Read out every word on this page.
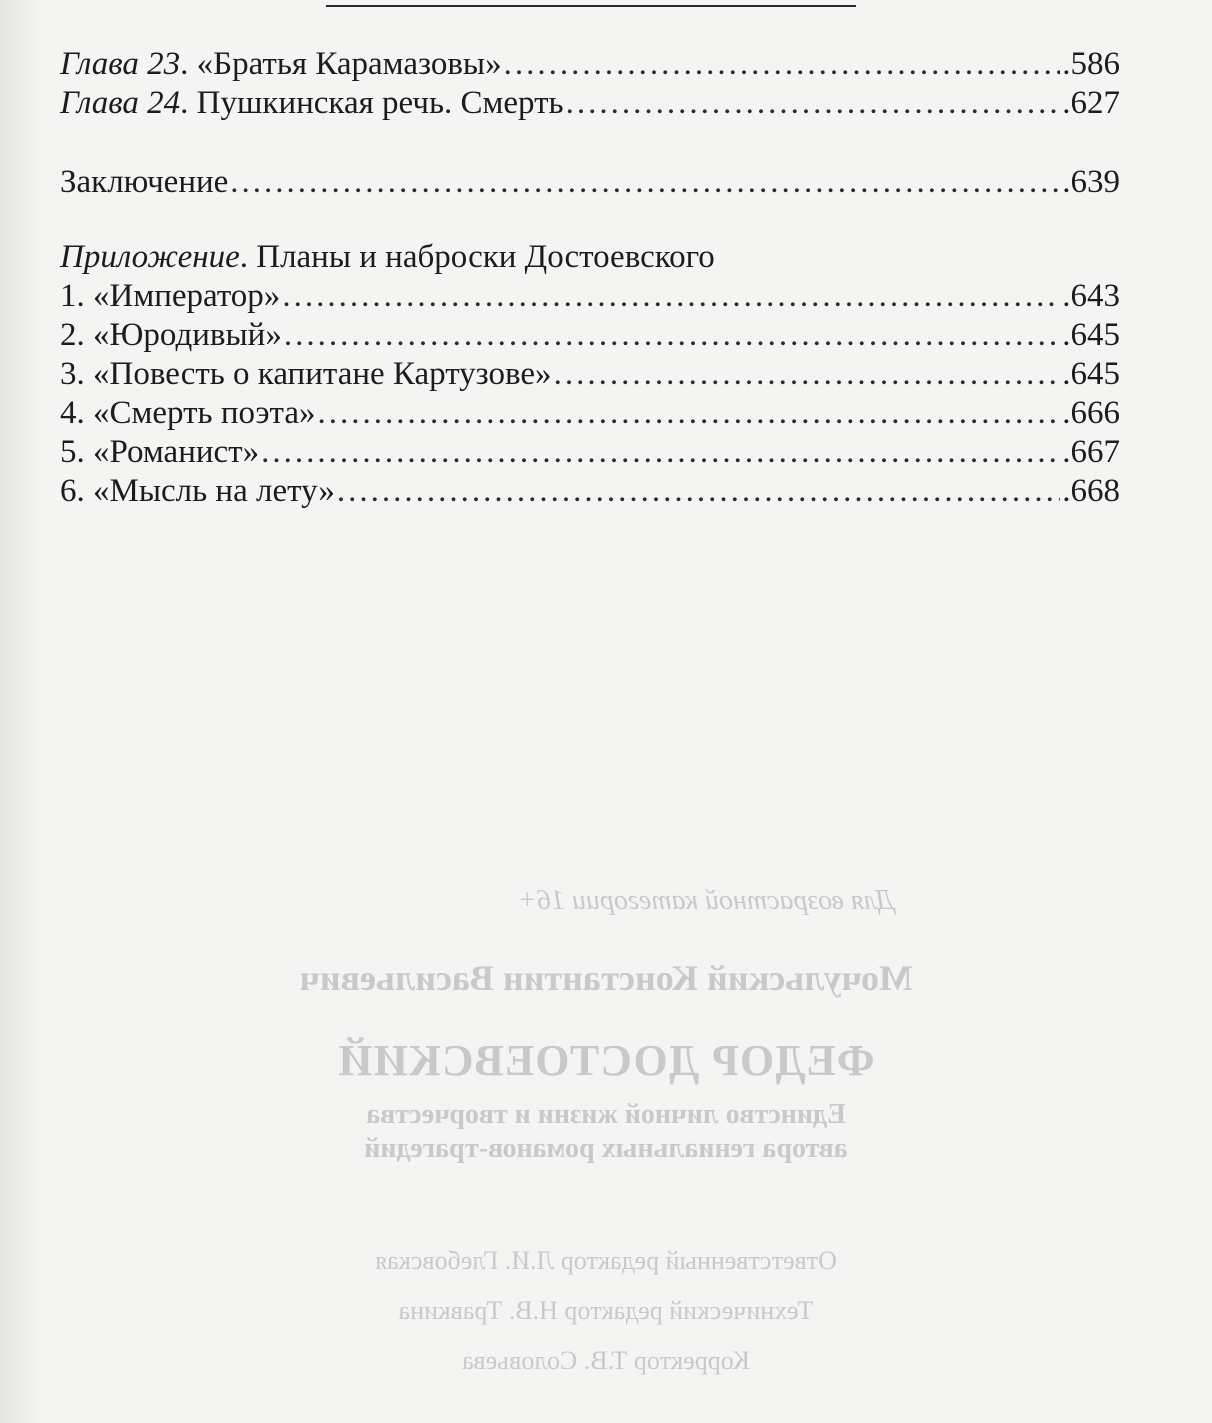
Глава 23. «Братья Карамазовы» .....	.586
Глава 24. Пушкинская речь. Смерть .....	.627
Заключение .....	.639
Приложение. Планы и наброски Достоевского
1. «Император» .....	.643
2. «Юродивый» .....	.645
3. «Повесть о капитане Картузове» .....	.645
4. «Смерть поэта» .....	.666
5. «Романист» .....	.667
6. «Мысль на лету» .....	.668
Для возрастной категории 16+
Мочульский Константин Васильевич
ФЕДОР ДОСТОЕВСКИЙ
Единство личной жизни и творчества
автора гениальных романов-трагедий
Ответственный редактор Л.И. Глебовская
Технический редактор Н.В. Травкина
Корректор Т.В. Соловьева
